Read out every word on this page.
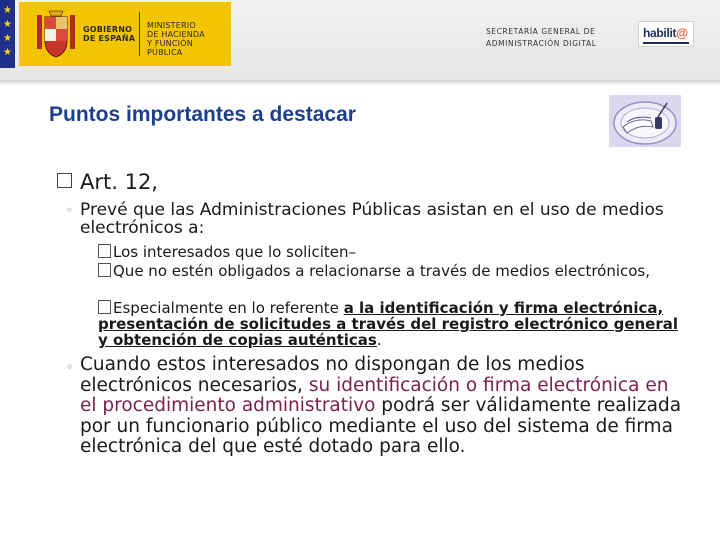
★
★
★
★
GOBIERNO
DE ESPAÑA
MINISTERIO
DE HACIENDA
Y FUNCIÓN PÚBLICA
SECRETARÍA GENERAL DE
ADMINISTRACIÓN DIGITAL
habilit@
Puntos importantes a destacar
Art. 12,
◦ Prevé que las Administraciones Públicas asistan en el uso de medios electrónicos a:
Los interesados que lo soliciten–
Que no estén obligados a relacionarse a través de medios electrónicos,
Especialmente en lo referente a la identificación y firma electrónica, presentación de solicitudes a través del registro electrónico general y obtención de copias auténticas.
◦ Cuando estos interesados no dispongan de los medios electrónicos necesarios, su identificación o firma electrónica en el procedimiento administrativo podrá ser válidamente realizada por un funcionario público mediante el uso del sistema de firma electrónica del que esté dotado para ello.
